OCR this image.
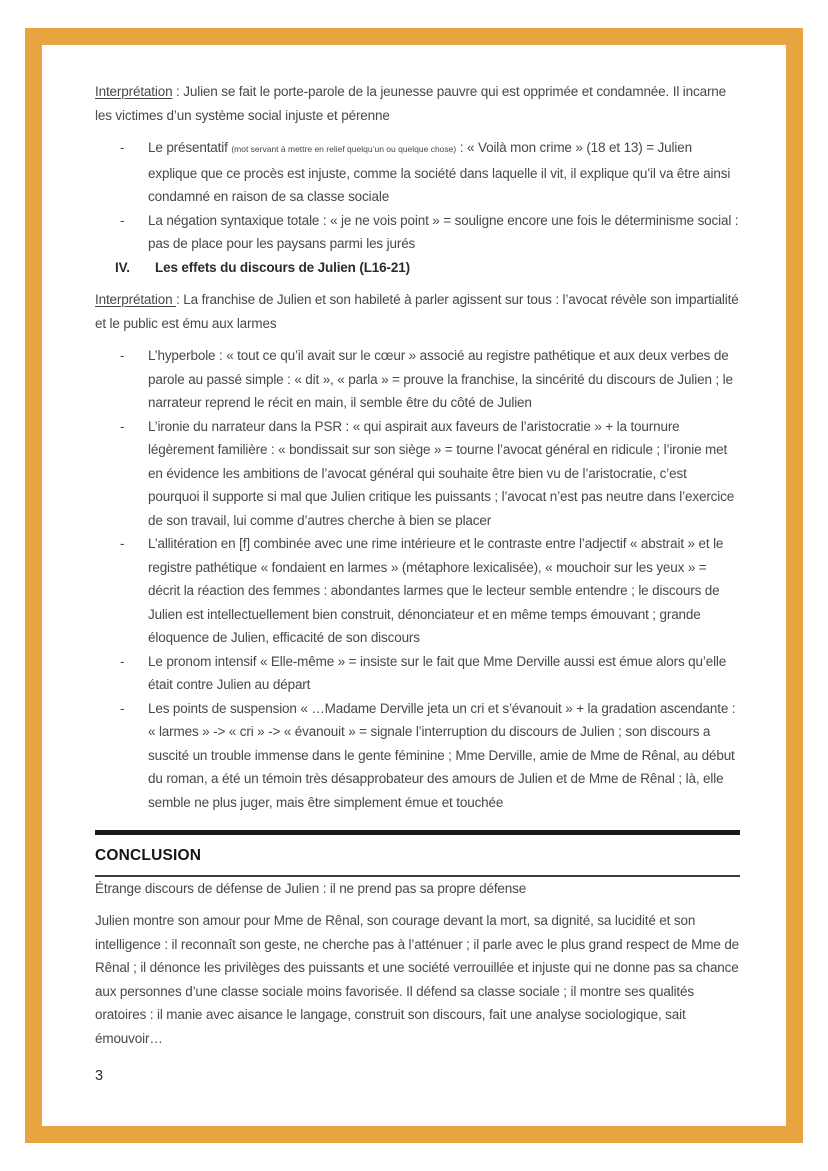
Interprétation : Julien se fait le porte-parole de la jeunesse pauvre qui est opprimée et condamnée. Il incarne les victimes d’un système social injuste et pérenne

- Le présentatif (mot servant à mettre en relief quelqu’un ou quelque chose) : « Voilà mon crime » (18 et 13) = Julien explique que ce procès est injuste, comme la société dans laquelle il vit, il explique qu’il va être ainsi condamné en raison de sa classe sociale
- La négation syntaxique totale : « je ne vois point » = souligne encore une fois le déterminisme social : pas de place pour les paysans parmi les jurés
IV.	Les effets du discours de Julien (L16-21)

Interprétation : La franchise de Julien et son habileté à parler agissent sur tous : l’avocat révèle son impartialité et le public est ému aux larmes

- L’hyperbole : « tout ce qu’il avait sur le cœur » associé au registre pathétique et aux deux verbes de parole au passé simple : « dit », « parla » = prouve la franchise, la sincérité du discours de Julien ; le narrateur reprend le récit en main, il semble être du côté de Julien
- L’ironie du narrateur dans la PSR : « qui aspirait aux faveurs de l’aristocratie » + la tournure légèrement familière : « bondissait sur son siège » = tourne l’avocat général en ridicule ; l’ironie met en évidence les ambitions de l’avocat général qui souhaite être bien vu de l’aristocratie, c’est pourquoi il supporte si mal que Julien critique les puissants ; l’avocat n’est pas neutre dans l’exercice de son travail, lui comme d’autres cherche à bien se placer
- L’allitération en [f] combinée avec une rime intérieure et le contraste entre l’adjectif « abstrait » et le registre pathétique « fondaient en larmes » (métaphore lexicalisée), « mouchoir sur les yeux » = décrit la réaction des femmes : abondantes larmes que le lecteur semble entendre ; le discours de Julien est intellectuellement bien construit, dénonciateur et en même temps émouvant ; grande éloquence de Julien, efficacité de son discours
- Le pronom intensif « Elle-même » = insiste sur le fait que Mme Derville aussi est émue alors qu’elle était contre Julien au départ
- Les points de suspension « …Madame Derville jeta un cri et s’évanouit » + la gradation ascendante : « larmes » -> « cri » -> « évanouit » = signale l’interruption du discours de Julien ; son discours a suscité un trouble immense dans le gente féminine ; Mme Derville, amie de Mme de Rênal, au début du roman, a été un témoin très désapprobateur des amours de Julien et de Mme de Rênal ; là, elle semble ne plus juger, mais être simplement émue et touchée
CONCLUSION

Étrange discours de défense de Julien : il ne prend pas sa propre défense

Julien montre son amour pour Mme de Rênal, son courage devant la mort, sa dignité, sa lucidité et son intelligence : il reconnaît son geste, ne cherche pas à l’atténuer ; il parle avec le plus grand respect de Mme de Rênal ; il dénonce les privilèges des puissants et une société verrouillée et injuste qui ne donne pas sa chance aux personnes d’une classe sociale moins favorisée. Il défend sa classe sociale ; il montre ses qualités oratoires : il manie avec aisance le langage, construit son discours, fait une analyse sociologique, sait émouvoir…

3
